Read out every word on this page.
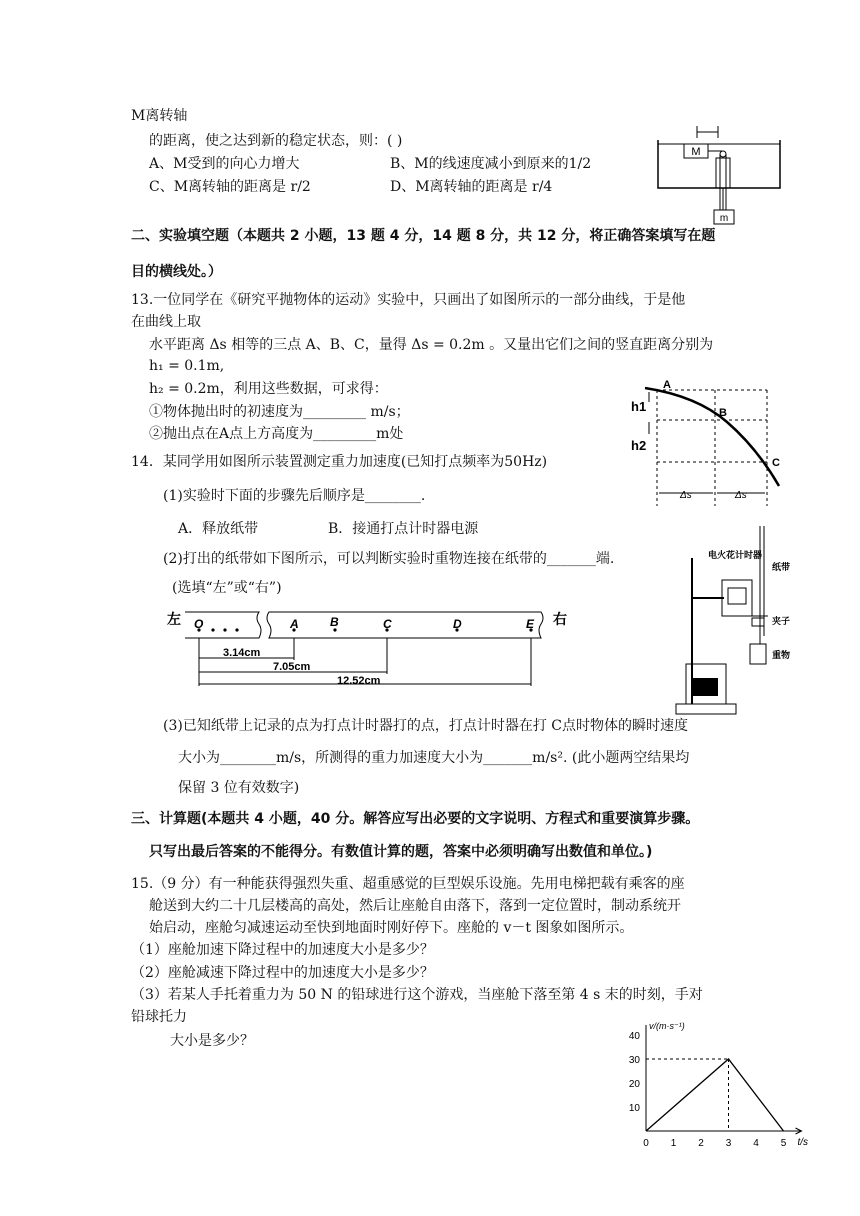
M离转轴
的距离，使之达到新的稳定状态，则：( )
A、M受到的向心力增大	B、M的线速度减小到原来的1/2
C、M离转轴的距离是 r/2	D、M离转轴的距离是 r/4
M
m
二、实验填空题（本题共 2 小题，13 题 4 分，14 题 8 分，共 12 分，将正确答案填写在题
目的横线处。）
13.一位同学在《研究平抛物体的运动》实验中，只画出了如图所示的一部分曲线，于是他
在曲线上取
水平距离 Δs 相等的三点 A、B、C，量得 Δs = 0.2m 。又量出它们之间的竖直距离分别为
h₁ = 0.1m,
h₂ = 0.2m，利用这些数据，可求得：
①物体抛出时的初速度为_________ m/s；
②抛出点在A点上方高度为_________m处
A
B
C
h1
h2
Δs	Δs
14．某同学用如图所示装置测定重力加速度(已知打点频率为50Hz)
(1)实验时下面的步骤先后顺序是________.
A．释放纸带	B．接通打点计时器电源
(2)打出的纸带如下图所示，可以判断实验时重物连接在纸带的_______端.
(选填“左”或“右”)
左	右
O	A	B	C	D	E
3.14cm
7.05cm
12.52cm
电火花计时器
纸带
夹子
重物
(3)已知纸带上记录的点为打点计时器打的点，打点计时器在打 C点时物体的瞬时速度
大小为________m/s，所测得的重力加速度大小为_______m/s². (此小题两空结果均
保留 3 位有效数字)
三、计算题(本题共 4 小题，40 分。解答应写出必要的文字说明、方程式和重要演算步骤。
只写出最后答案的不能得分。有数值计算的题，答案中必须明确写出数值和单位。)
15.（9 分）有一种能获得强烈失重、超重感觉的巨型娱乐设施。先用电梯把载有乘客的座
舱送到大约二十几层楼高的高处，然后让座舱自由落下，落到一定位置时，制动系统开
始启动，座舱匀减速运动至快到地面时刚好停下。座舱的 v－t 图象如图所示。
（1）座舱加速下降过程中的加速度大小是多少？
（2）座舱减速下降过程中的加速度大小是多少？
（3）若某人手托着重力为 50 N 的铅球进行这个游戏，当座舱下落至第 4 s 末的时刻，手对
铅球托力
大小是多少？
0 1 2 3 4 5
10
20
30
40
t/s
v/(m·s⁻¹)
